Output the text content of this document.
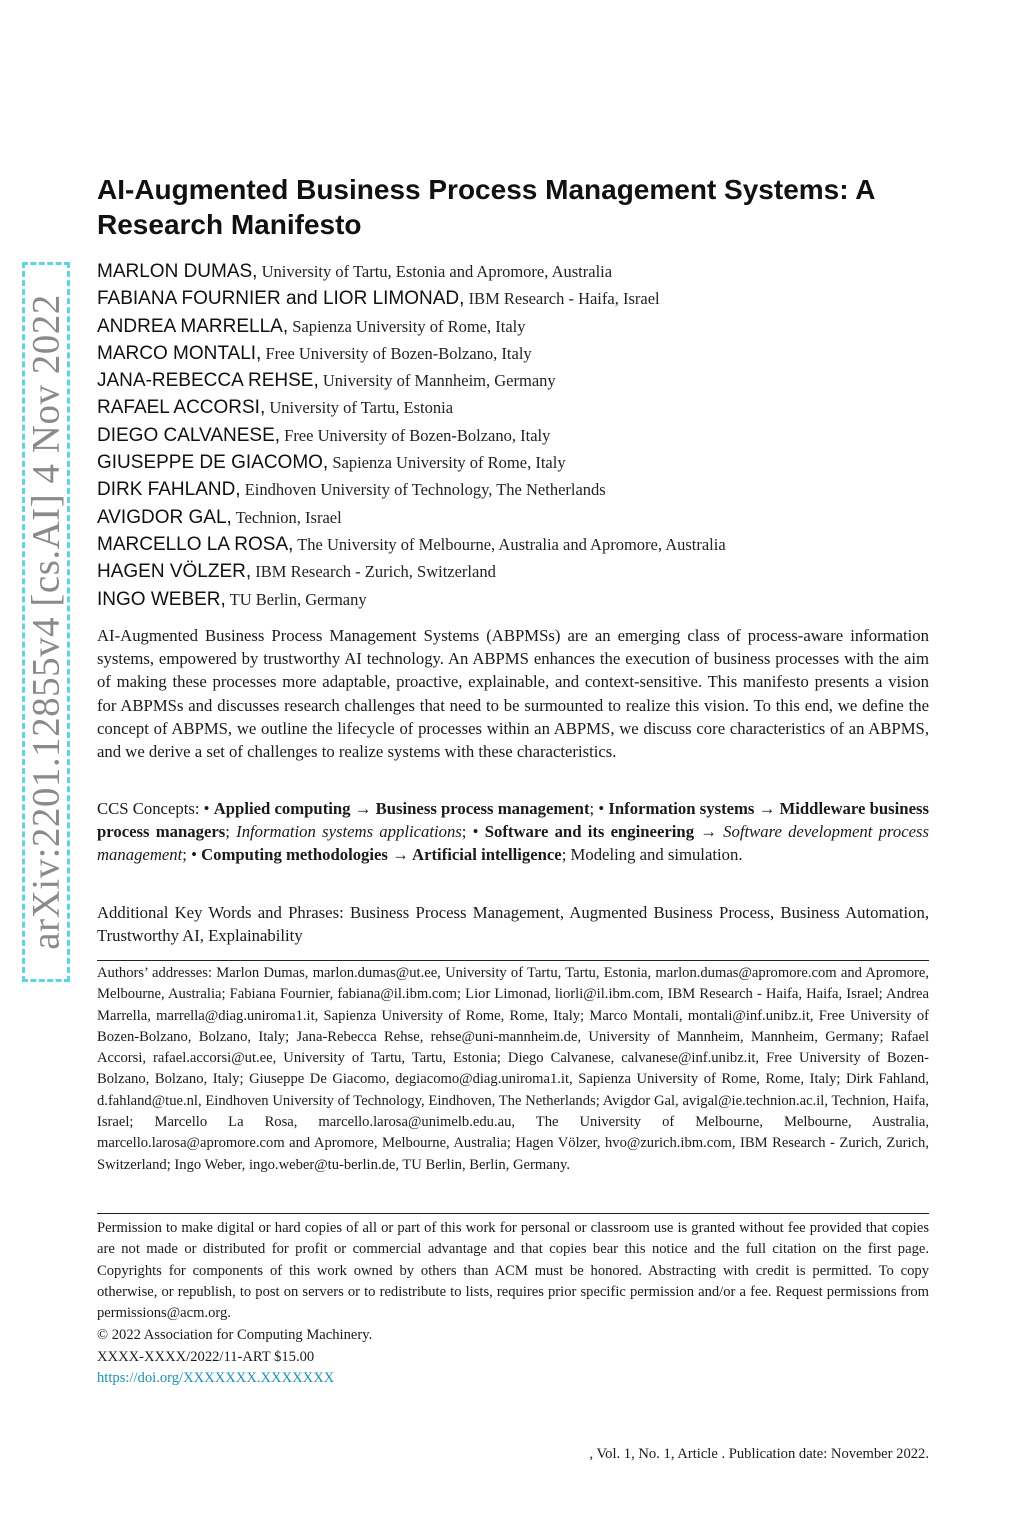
arXiv:2201.12855v4 [cs.AI] 4 Nov 2022
AI-Augmented Business Process Management Systems: A Research Manifesto
MARLON DUMAS, University of Tartu, Estonia and Apromore, Australia
FABIANA FOURNIER and LIOR LIMONAD, IBM Research - Haifa, Israel
ANDREA MARRELLA, Sapienza University of Rome, Italy
MARCO MONTALI, Free University of Bozen-Bolzano, Italy
JANA-REBECCA REHSE, University of Mannheim, Germany
RAFAEL ACCORSI, University of Tartu, Estonia
DIEGO CALVANESE, Free University of Bozen-Bolzano, Italy
GIUSEPPE DE GIACOMO, Sapienza University of Rome, Italy
DIRK FAHLAND, Eindhoven University of Technology, The Netherlands
AVIGDOR GAL, Technion, Israel
MARCELLO LA ROSA, The University of Melbourne, Australia and Apromore, Australia
HAGEN VÖLZER, IBM Research - Zurich, Switzerland
INGO WEBER, TU Berlin, Germany

AI-Augmented Business Process Management Systems (ABPMSs) are an emerging class of process-aware information systems, empowered by trustworthy AI technology. An ABPMS enhances the execution of business processes with the aim of making these processes more adaptable, proactive, explainable, and context-sensitive. This manifesto presents a vision for ABPMSs and discusses research challenges that need to be surmounted to realize this vision. To this end, we define the concept of ABPMS, we outline the lifecycle of processes within an ABPMS, we discuss core characteristics of an ABPMS, and we derive a set of challenges to realize systems with these characteristics.

CCS Concepts: • Applied computing → Business process management; • Information systems → Middleware business process managers; Information systems applications; • Software and its engineering → Software development process management; • Computing methodologies → Artificial intelligence; Modeling and simulation.

Additional Key Words and Phrases: Business Process Management, Augmented Business Process, Business Automation, Trustworthy AI, Explainability

Authors’ addresses: Marlon Dumas, marlon.dumas@ut.ee, University of Tartu, Tartu, Estonia, marlon.dumas@apromore.com and Apromore, Melbourne, Australia; Fabiana Fournier, fabiana@il.ibm.com; Lior Limonad, liorli@il.ibm.com, IBM Research - Haifa, Haifa, Israel; Andrea Marrella, marrella@diag.uniroma1.it, Sapienza University of Rome, Rome, Italy; Marco Montali, montali@inf.unibz.it, Free University of Bozen-Bolzano, Bolzano, Italy; Jana-Rebecca Rehse, rehse@uni-mannheim.de, University of Mannheim, Mannheim, Germany; Rafael Accorsi, rafael.accorsi@ut.ee, University of Tartu, Tartu, Estonia; Diego Calvanese, calvanese@inf.unibz.it, Free University of Bozen-Bolzano, Bolzano, Italy; Giuseppe De Giacomo, degiacomo@diag.uniroma1.it, Sapienza University of Rome, Rome, Italy; Dirk Fahland, d.fahland@tue.nl, Eindhoven University of Technology, Eindhoven, The Netherlands; Avigdor Gal, avigal@ie.technion.ac.il, Technion, Haifa, Israel; Marcello La Rosa, marcello.larosa@unimelb.edu.au, The University of Melbourne, Melbourne, Australia, marcello.larosa@apromore.com and Apromore, Melbourne, Australia; Hagen Völzer, hvo@zurich.ibm.com, IBM Research - Zurich, Zurich, Switzerland; Ingo Weber, ingo.weber@tu-berlin.de, TU Berlin, Berlin, Germany.

Permission to make digital or hard copies of all or part of this work for personal or classroom use is granted without fee provided that copies are not made or distributed for profit or commercial advantage and that copies bear this notice and the full citation on the first page. Copyrights for components of this work owned by others than ACM must be honored. Abstracting with credit is permitted. To copy otherwise, or republish, to post on servers or to redistribute to lists, requires prior specific permission and/or a fee. Request permissions from permissions@acm.org.

© 2022 Association for Computing Machinery.
XXXX-XXXX/2022/11-ART $15.00
https://doi.org/XXXXXXX.XXXXXXX
, Vol. 1, No. 1, Article . Publication date: November 2022.
